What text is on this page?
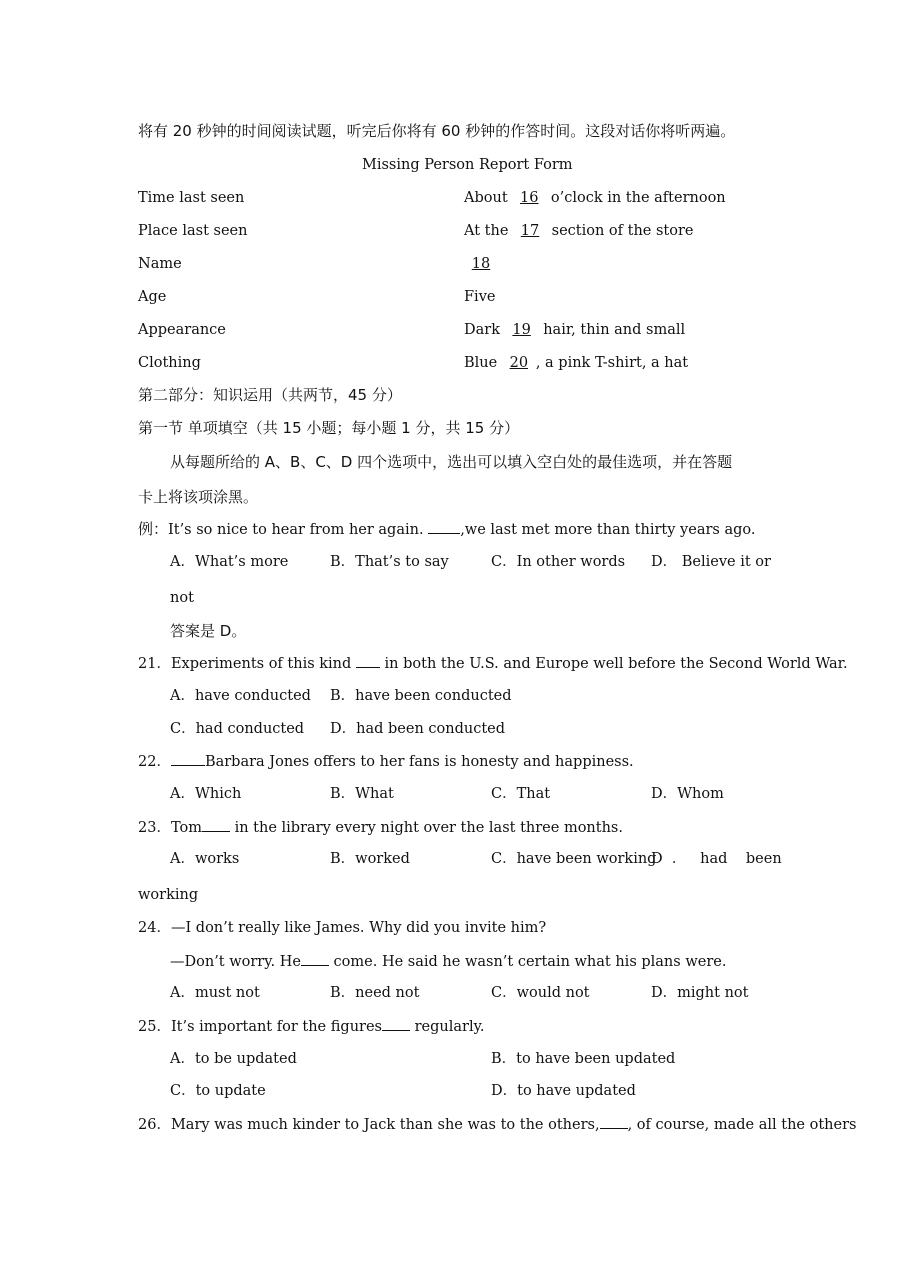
将有 20 秒钟的时间阅读试题，听完后你将有 60 秒钟的作答时间。这段对话你将听两遍。
Missing Person Report Form
Time last seen	About 16 o’clock in the afternoon
Place last seen	At the 17 section of the store
Name	18
Age	Five
Appearance	Dark 19 hair, thin and small
Clothing	Blue 20 , a pink T-shirt, a hat
第二部分：知识运用（共两节，45 分）
第一节 单项填空（共 15 小题；每小题 1 分，共 15 分）
从每题所给的 A、B、C、D 四个选项中，选出可以填入空白处的最佳选项，并在答题
卡上将该项涂黑。
例：It’s so nice to hear from her again. ,we last met more than thirty years ago.
A．What’s more	B．That’s to say	C．In other words D． Believe it or
not
答案是 D。
21．Experiments of this kind  in both the U.S. and Europe well before the Second World War.
A．have conducted B．have been conducted
C．had conducted D．had been conducted
22． Barbara Jones offers to her fans is honesty and happiness.
A．Which	B．What	C．That	D．Whom
23．Tom in the library every night over the last three months.
A．works	B．worked	C．have been working
D  ．   had    been
working
24．—I don’t really like James. Why did you invite him?
—Don’t worry. He come. He said he wasn’t certain what his plans were.
A．must not	B．need not	C．would not	D．might not
25．It’s important for the figures regularly.
A．to be updated	B．to have been updated
C．to update	D．to have updated
26．Mary was much kinder to Jack than she was to the others, , of course, made all the others
